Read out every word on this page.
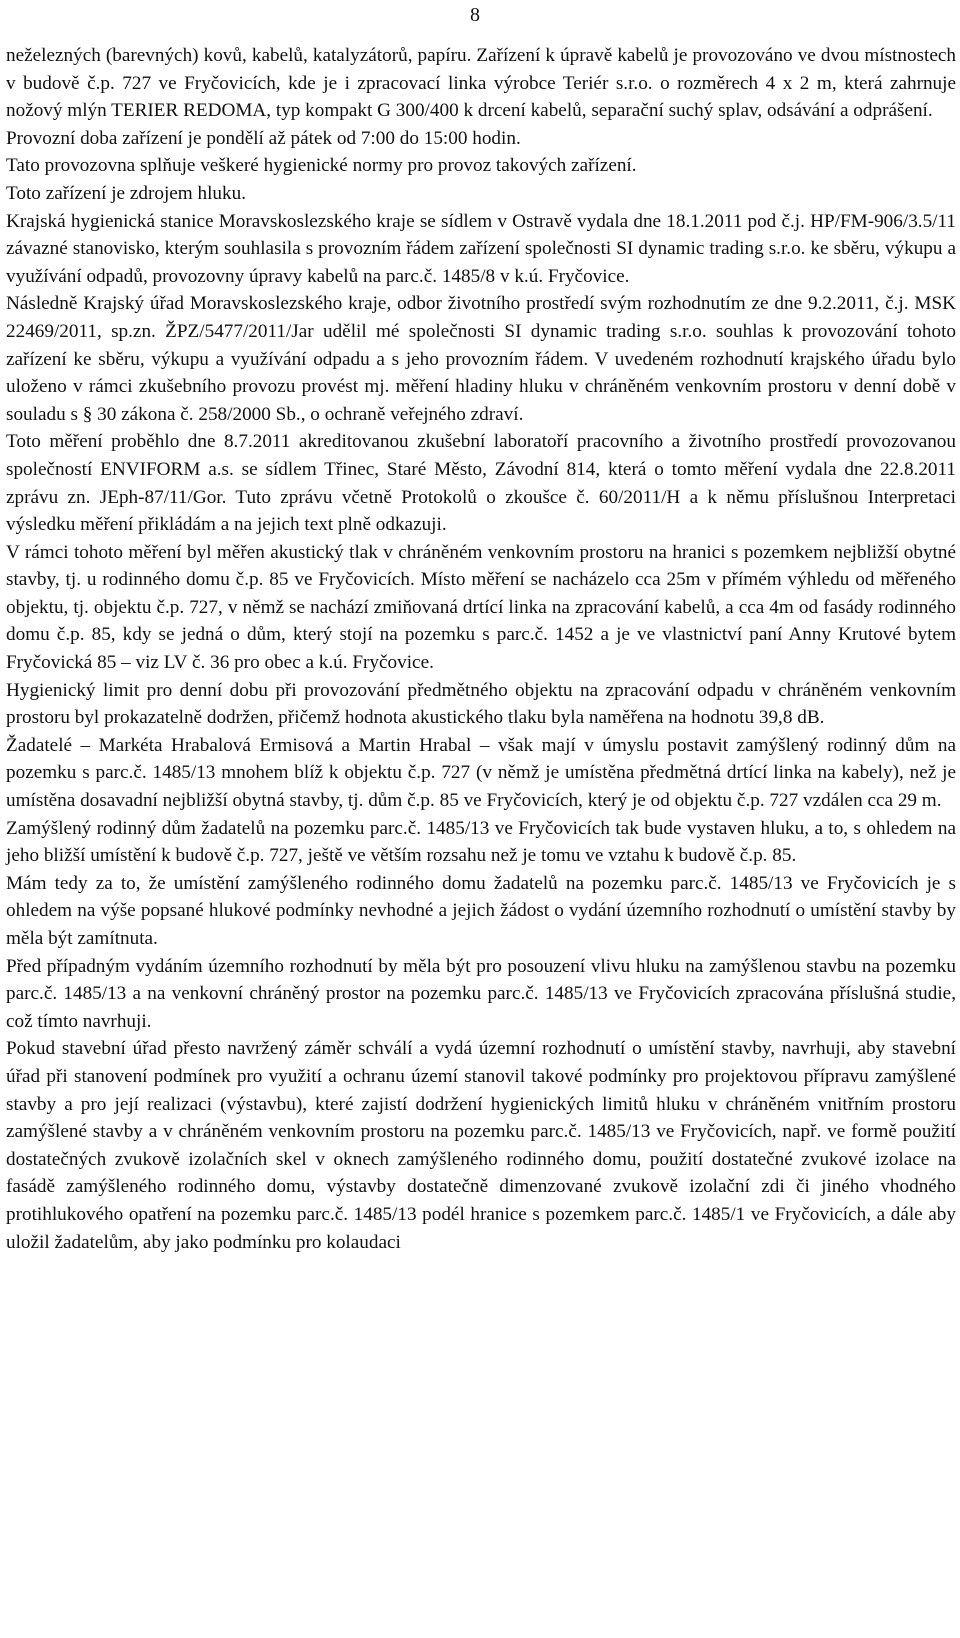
8

neželezných (barevných) kovů, kabelů, katalyzátorů, papíru. Zařízení k úpravě kabelů je provozováno ve dvou místnostech v budově č.p. 727 ve Fryčovicích, kde je i zpracovací linka výrobce Teriér s.r.o. o rozměrech 4 x 2 m, která zahrnuje nožový mlýn TERIER REDOMA, typ kompakt G 300/400 k drcení kabelů, separační suchý splav, odsávání a odprášení.

Provozní doba zařízení je pondělí až pátek od 7:00 do 15:00 hodin.

Tato provozovna splňuje veškeré hygienické normy pro provoz takových zařízení.

Toto zařízení je zdrojem hluku.

Krajská hygienická stanice Moravskoslezského kraje se sídlem v Ostravě vydala dne 18.1.2011 pod č.j. HP/FM-906/3.5/11 závazné stanovisko, kterým souhlasila s provozním řádem zařízení společnosti SI dynamic trading s.r.o. ke sběru, výkupu a využívání odpadů, provozovny úpravy kabelů na parc.č. 1485/8 v k.ú. Fryčovice.

Následně Krajský úřad Moravskoslezského kraje, odbor životního prostředí svým rozhodnutím ze dne 9.2.2011, č.j. MSK 22469/2011, sp.zn. ŽPZ/5477/2011/Jar udělil mé společnosti SI dynamic trading s.r.o. souhlas k provozování tohoto zařízení ke sběru, výkupu a využívání odpadu a s jeho provozním řádem. V uvedeném rozhodnutí krajského úřadu bylo uloženo v rámci zkušebního provozu provést mj. měření hladiny hluku v chráněném venkovním prostoru v denní době v souladu s § 30 zákona č. 258/2000 Sb., o ochraně veřejného zdraví.

Toto měření proběhlo dne 8.7.2011 akreditovanou zkušební laboratoří pracovního a životního prostředí provozovanou společností ENVIFORM a.s. se sídlem Třinec, Staré Město, Závodní 814, která o tomto měření vydala dne 22.8.2011 zprávu zn. JEph-87/11/Gor. Tuto zprávu včetně Protokolů o zkoušce č. 60/2011/H a k němu příslušnou Interpretaci výsledku měření přikládám a na jejich text plně odkazuji.

V rámci tohoto měření byl měřen akustický tlak v chráněném venkovním prostoru na hranici s pozemkem nejbližší obytné stavby, tj. u rodinného domu č.p. 85 ve Fryčovicích. Místo měření se nacházelo cca 25m v přímém výhledu od měřeného objektu, tj. objektu č.p. 727, v němž se nachází zmiňovaná drtící linka na zpracování kabelů, a cca 4m od fasády rodinného domu č.p. 85, kdy se jedná o dům, který stojí na pozemku s parc.č. 1452 a je ve vlastnictví paní Anny Krutové bytem Fryčovická 85 – viz LV č. 36 pro obec a k.ú. Fryčovice.

Hygienický limit pro denní dobu při provozování předmětného objektu na zpracování odpadu v chráněném venkovním prostoru byl prokazatelně dodržen, přičemž hodnota akustického tlaku byla naměřena na hodnotu 39,8 dB.

Žadatelé – Markéta Hrabalová Ermisová a Martin Hrabal – však mají v úmyslu postavit zamýšlený rodinný dům na pozemku s parc.č. 1485/13 mnohem blíž k objektu č.p. 727 (v němž je umístěna předmětná drtící linka na kabely), než je umístěna dosavadní nejbližší obytná stavby, tj. dům č.p. 85 ve Fryčovicích, který je od objektu č.p. 727 vzdálen cca 29 m.

Zamýšlený rodinný dům žadatelů na pozemku parc.č. 1485/13 ve Fryčovicích tak bude vystaven hluku, a to, s ohledem na jeho bližší umístění k budově č.p. 727, ještě ve větším rozsahu než je tomu ve vztahu k budově č.p. 85.

Mám tedy za to, že umístění zamýšleného rodinného domu žadatelů na pozemku parc.č. 1485/13 ve Fryčovicích je s ohledem na výše popsané hlukové podmínky nevhodné a jejich žádost o vydání územního rozhodnutí o umístění stavby by měla být zamítnuta.

Před případným vydáním územního rozhodnutí by měla být pro posouzení vlivu hluku na zamýšlenou stavbu na pozemku parc.č. 1485/13 a na venkovní chráněný prostor na pozemku parc.č. 1485/13 ve Fryčovicích zpracována příslušná studie, což tímto navrhuji.

Pokud stavební úřad přesto navržený záměr schválí a vydá územní rozhodnutí o umístění stavby, navrhuji, aby stavební úřad při stanovení podmínek pro využití a ochranu území stanovil takové podmínky pro projektovou přípravu zamýšlené stavby a pro její realizaci (výstavbu), které zajistí dodržení hygienických limitů hluku v chráněném vnitřním prostoru zamýšlené stavby a v chráněném venkovním prostoru na pozemku parc.č. 1485/13 ve Fryčovicích, např. ve formě použití dostatečných zvukově izolačních skel v oknech zamýšleného rodinného domu, použití dostatečné zvukové izolace na fasádě zamýšleného rodinného domu, výstavby dostatečně dimenzované zvukově izolační zdi či jiného vhodného protihlukového opatření na pozemku parc.č. 1485/13 podél hranice s pozemkem parc.č. 1485/1 ve Fryčovicích, a dále aby uložil žadatelům, aby jako podmínku pro kolaudaci
